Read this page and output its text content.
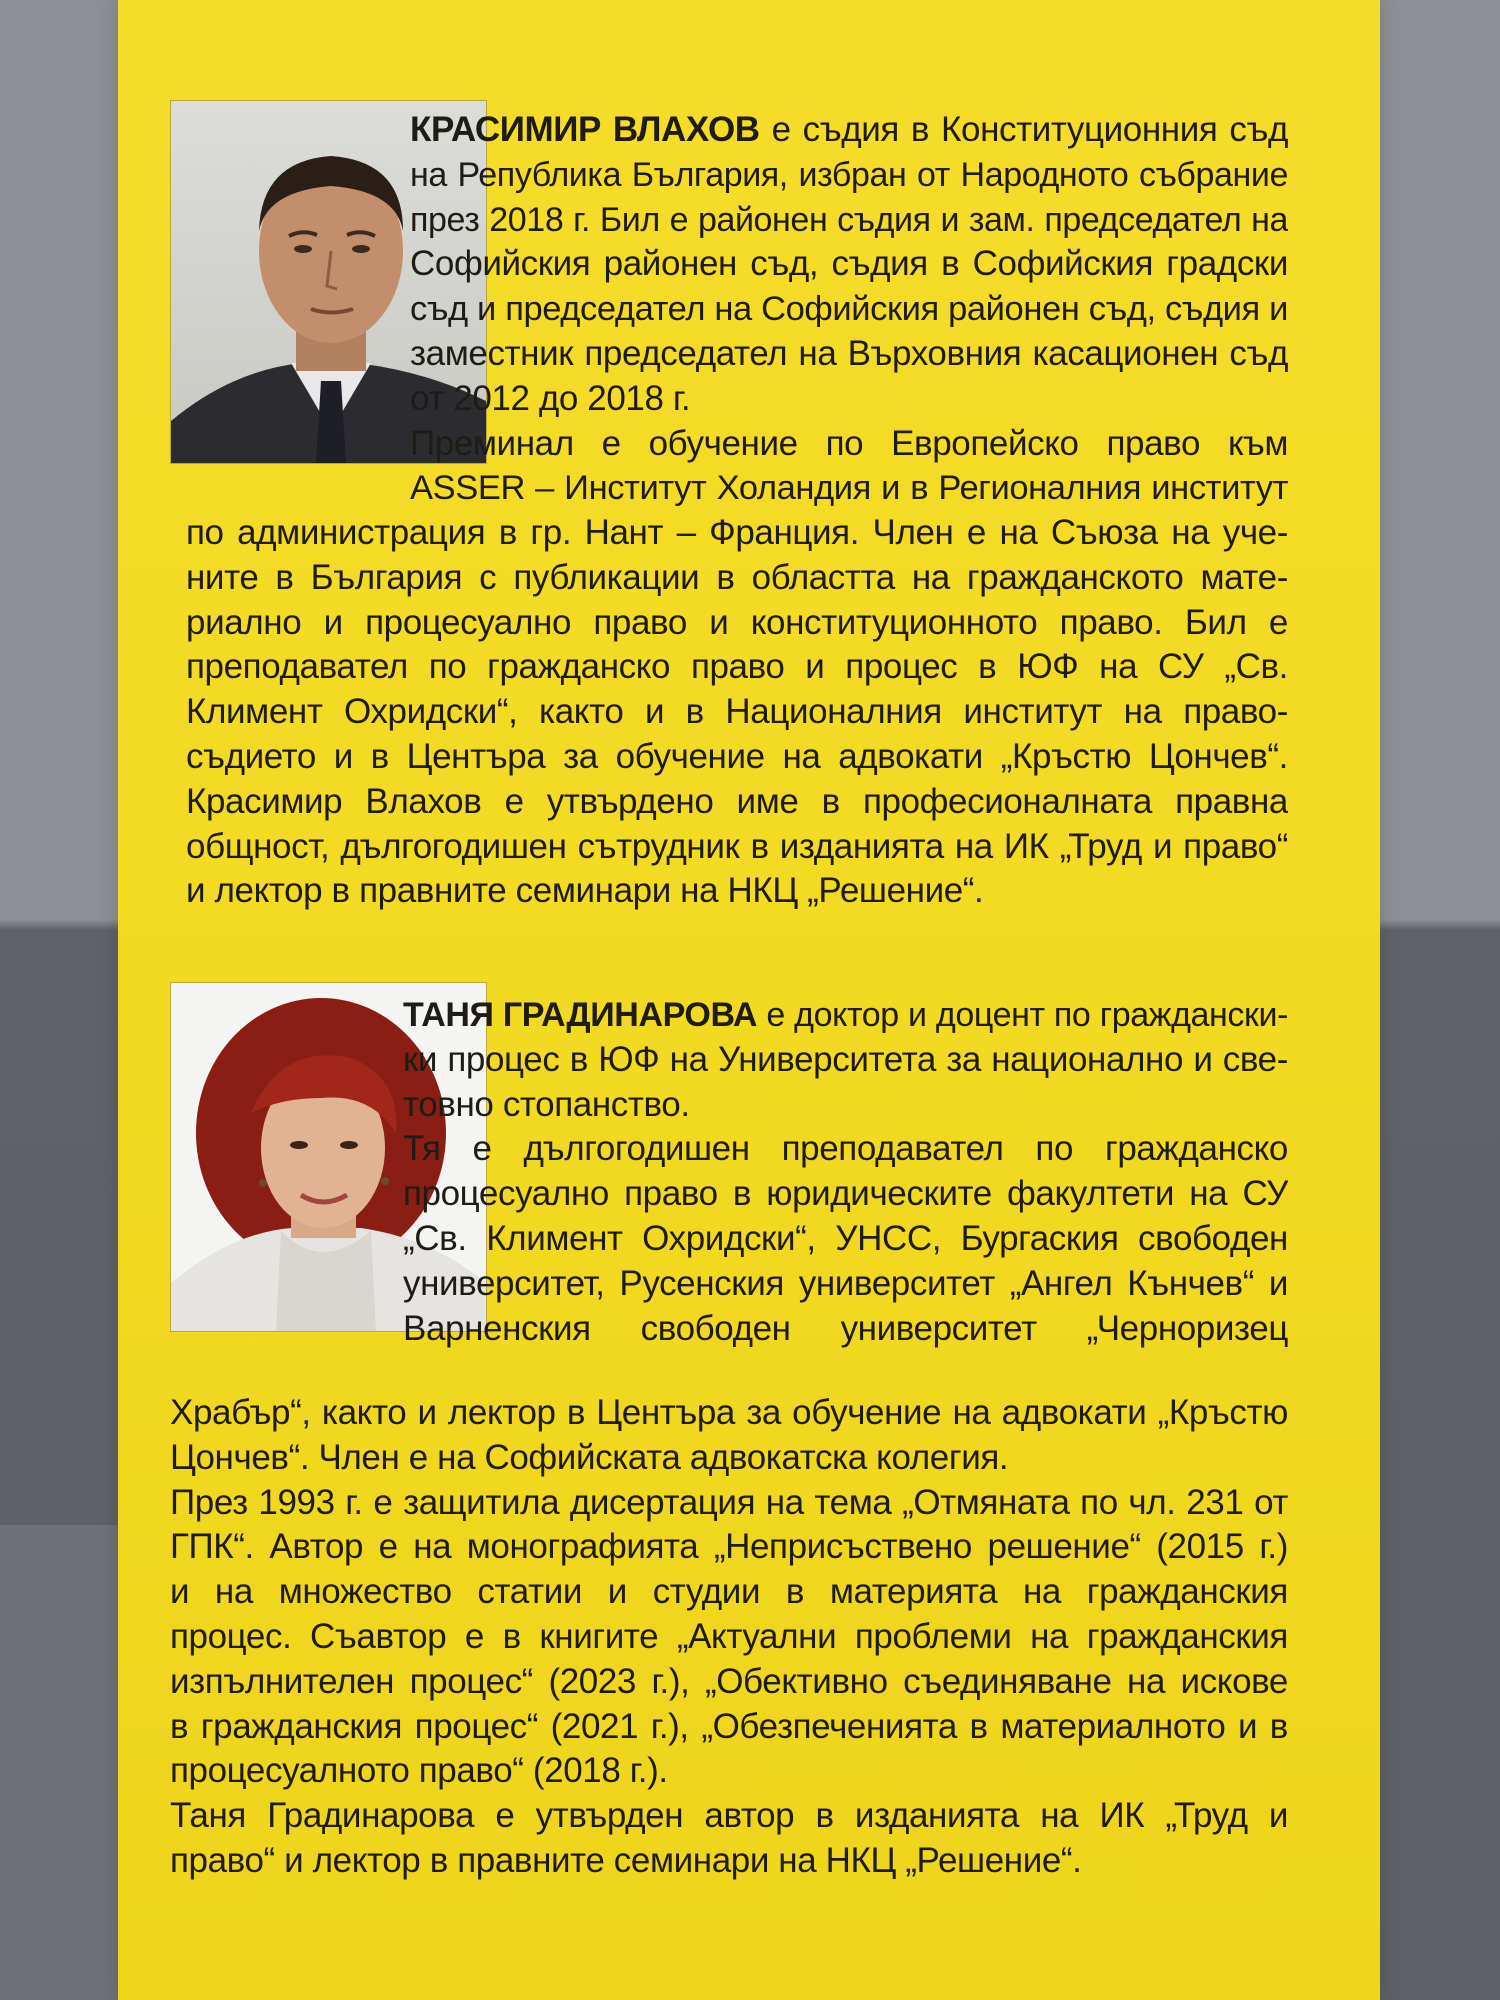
КРАСИМИР ВЛАХОВ е съдия в Конституционния съд
на Република България, избран от Народното събрание
през 2018 г. Бил е районен съдия и зам. председател на
Софийския районен съд, съдия в Софийския градски
съд и председател на Софийския районен съд, съдия и
заместник председател на Върховния касационен съд
от 2012 до 2018 г.
Преминал е обучение по Европейско право към
ASSER – Институт Холандия и в Регионалния институт
по администрация в гр. Нант – Франция. Член е на Съюза на уче-
ните в България с публикации в областта на гражданското мате-
риално и процесуално право и конституционното право. Бил е
преподавател по гражданско право и процес в ЮФ на СУ „Св.
Климент Охридски“, както и в Националния институт на право-
съдието и в Центъра за обучение на адвокати „Кръстю Цончев“.
Красимир Влахов е утвърдено име в професионалната правна
общност, дългогодишен сътрудник в изданията на ИК „Труд и право“
и лектор в правните семинари на НКЦ „Решение“.
ТАНЯ ГРАДИНАРОВА е доктор и доцент по граждански-
ки процес в ЮФ на Университета за национално и све-
товно стопанство.
Тя е дългогодишен преподавател по гражданско
процесуално право в юридическите факултети на СУ
„Св. Климент Охридски“, УНСС, Бургаския свободен
университет, Русенския университет „Ангел Кънчев“ и
Варненския свободен университет „Черноризец
Храбър“, както и лектор в Центъра за обучение на адвокати „Кръстю
Цончев“. Член е на Софийската адвокатска колегия.
През 1993 г. е защитила дисертация на тема „Отмяната по чл. 231 от
ГПК“. Автор е на монографията „Неприсъствено решение“ (2015 г.)
и на множество статии и студии в материята на гражданския
процес. Съавтор е в книгите „Актуални проблеми на гражданския
изпълнителен процес“ (2023 г.), „Обективно съединяване на искове
в гражданския процес“ (2021 г.), „Обезпеченията в материалното и в
процесуалното право“ (2018 г.).
Таня Градинарова е утвърден автор в изданията на ИК „Труд и
право“ и лектор в правните семинари на НКЦ „Решение“.
